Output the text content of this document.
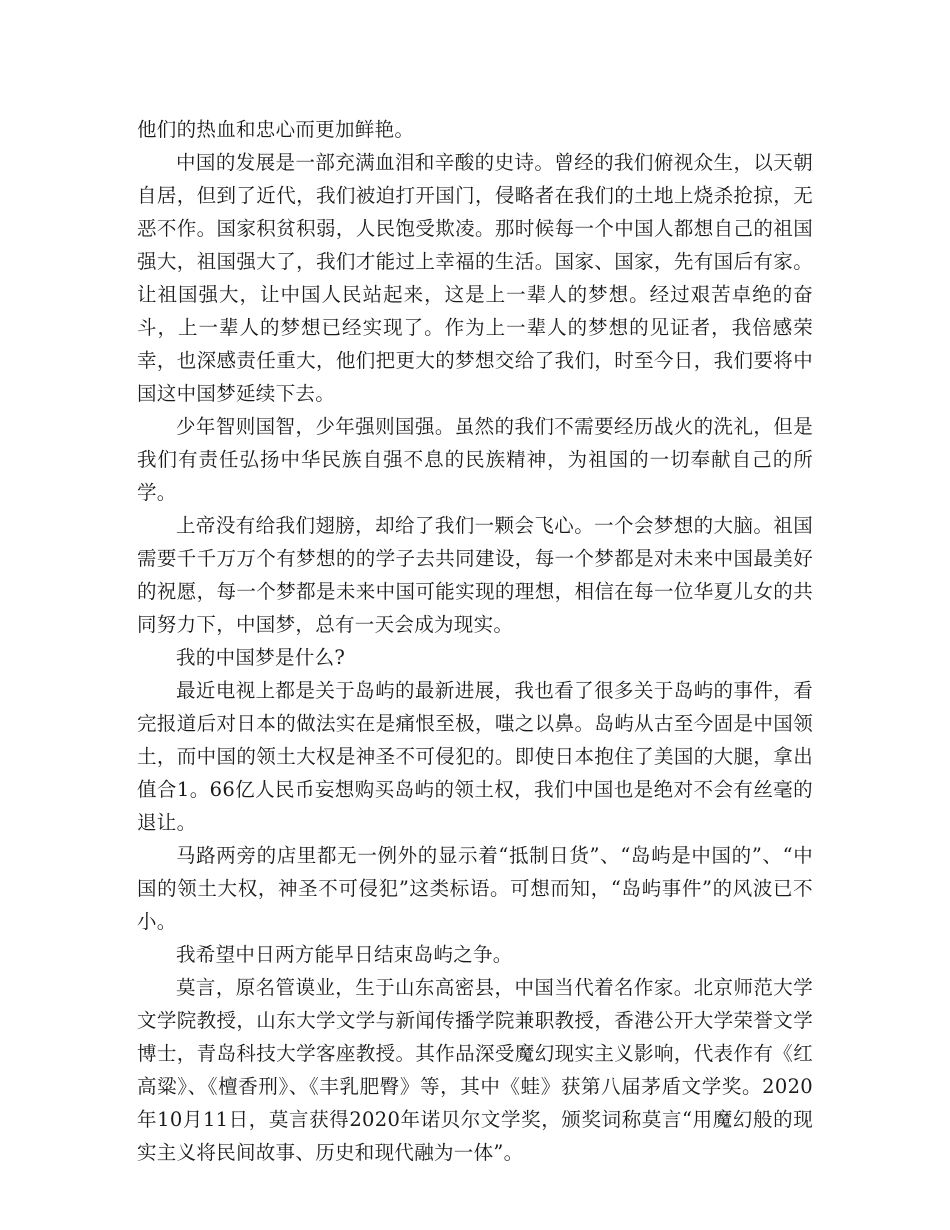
他们的热血和忠心而更加鲜艳。

中国的发展是一部充满血泪和辛酸的史诗。曾经的我们俯视众生，以天朝自居，但到了近代，我们被迫打开国门，侵略者在我们的土地上烧杀抢掠，无恶不作。国家积贫积弱，人民饱受欺凌。那时候每一个中国人都想自己的祖国强大，祖国强大了，我们才能过上幸福的生活。国家、国家，先有国后有家。让祖国强大，让中国人民站起来，这是上一辈人的梦想。经过艰苦卓绝的奋斗，上一辈人的梦想已经实现了。作为上一辈人的梦想的见证者，我倍感荣幸，也深感责任重大，他们把更大的梦想交给了我们，时至今日，我们要将中国这中国梦延续下去。

少年智则国智，少年强则国强。虽然的我们不需要经历战火的洗礼，但是我们有责任弘扬中华民族自强不息的民族精神，为祖国的一切奉献自己的所学。

上帝没有给我们翅膀，却给了我们一颗会飞心。一个会梦想的大脑。祖国需要千千万万个有梦想的的学子去共同建设，每一个梦都是对未来中国最美好的祝愿，每一个梦都是未来中国可能实现的理想，相信在每一位华夏儿女的共同努力下，中国梦，总有一天会成为现实。

我的中国梦是什么?

最近电视上都是关于岛屿的最新进展，我也看了很多关于岛屿的事件，看完报道后对日本的做法实在是痛恨至极，嗤之以鼻。岛屿从古至今固是中国领土，而中国的领土大权是神圣不可侵犯的。即使日本抱住了美国的大腿，拿出值合1。66亿人民币妄想购买岛屿的领土权，我们中国也是绝对不会有丝毫的退让。

马路两旁的店里都无一例外的显示着“抵制日货”、“岛屿是中国的”、“中国的领土大权，神圣不可侵犯”这类标语。可想而知，“岛屿事件”的风波已不小。

我希望中日两方能早日结束岛屿之争。

莫言，原名管谟业，生于山东高密县，中国当代着名作家。北京师范大学文学院教授，山东大学文学与新闻传播学院兼职教授，香港公开大学荣誉文学博士，青岛科技大学客座教授。其作品深受魔幻现实主义影响，代表作有《红高粱》、《檀香刑》、《丰乳肥臀》等，其中《蛙》获第八届茅盾文学奖。2020年10月11日，莫言获得2020年诺贝尔文学奖，颁奖词称莫言“用魔幻般的现实主义将民间故事、历史和现代融为一体”。
